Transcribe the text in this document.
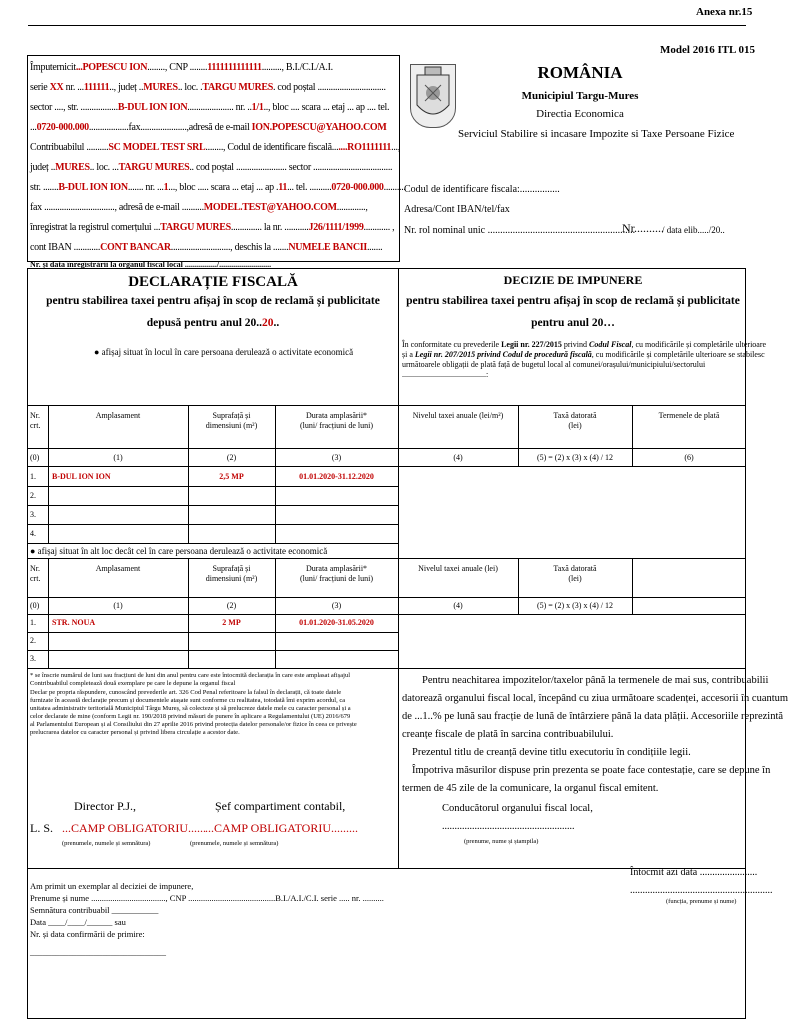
Anexa nr.15
Model 2016 ITL 015
Împuternicit...POPESCU ION........, CNP ........1111111111111........., B.I./C.I./A.I.
serie XX nr. ...111111.., județ ..MURES.. loc. .TARGU MURES. cod poștal ...............................
sector ...., str. .................B-DUL ION ION..................... nr. ..1/1.., bloc .... scara ... etaj ... ap .... tel.
...0720-000.000..................fax.....................,adresă de e-mail ION.POPESCU@YAHOO.COM
Contribuabilul ..........SC MODEL TEST SRL........, Codul de identificare fiscală.......RO1111111...,
județ ..MURES.. loc. ...TARGU MURES.. cod poștal ....................... sector ....................................
str. .......B-DUL ION ION....... nr. ...1..., bloc ..... scara ... etaj ... ap .11... tel. ..........0720-000.000..........
fax ................................, adresă de e-mail ..........MODEL.TEST@YAHOO.COM.............,
înregistrat la registrul comerțului ...TARGU MURES.............. la nr. ...........J26/1111/1999............ ,
cont IBAN ............CONT BANCAR..........................., deschis la .......NUMELE BANCII.......
ROMÂNIA
Municipiul Targu-Mures
Directia Economica
Serviciul Stabilire si incasare Impozite si Taxe Persoane Fizice
Codul de identificare fiscala:................
Adresa/Cont IBAN/tel/fax
Nr. rol nominal unic ...........................................................
Nr..........
/ data elib...../20..
Nr. și data înregistrării la organul fiscal local ................/..........................
DECLARAȚIE FISCALĂ
pentru stabilirea taxei pentru afișaj în scop de reclamă și publicitate
depusă pentru anul 20..20..
● afișaj situat în locul în care persoana derulează o activitate economică
DECIZIE DE IMPUNERE
pentru stabilirea taxei pentru afișaj în scop de reclamă și publicitate
pentru anul 20…
În conformitate cu prevederile Legii nr. 227/2015 privind Codul Fiscal, cu modificările și completările ulterioare
și a Legii nr. 207/2015 privind Codul de procedură fiscală, cu modificările și completările ulterioare se stabilesc
următoarele obligații de plată față de bugetul local al comunei/orașului/municipiului/sectorului
..........................................:
Nr.
crt.
Amplasament	Suprafață și
dimensiuni (m²)
Durata amplasării*
(luni/ fracțiuni de luni)
Nivelul taxei anuale (lei/m²)	Taxă datorată
(lei)
Termenele de plată
(0)	(1)	(2)	(3)	(4)	(5) = (2) x (3) x (4) / 12	(6)
1. B-DUL ION ION	2,5 MP	01.01.2020-31.12.2020
2.
3.
4.
● afișaj situat în alt loc decât cel în care persoana derulează o activitate economică
Nr.
crt.
Amplasament	Suprafață și
dimensiuni (m²)
Durata amplasării*
(luni/ fracțiuni de luni)
Nivelul taxei anuale (lei)	Taxă datorată
(lei)
(0)	(1)	(2)	(3)	(4)	(5) = (2) x (3) x (4) / 12
1. STR. NOUA	2 MP	01.01.2020-31.05.2020
2.
3.
* se înscrie numărul de luni sau fracțiuni de luni din anul pentru care este întocmită declarația în care este amplasat afișajul
Contribuabilul completează două exemplare pe care le depune la organul fiscal
Declar pe propria răspundere, cunoscând prevederile art. 326 Cod Penal referitoare la falsul în declarații, că toate datele
furnizate în această declarație precum și documentele atașate sunt conforme cu realitatea, totodată îmi exprim acordul, ca
unitatea administrativ teritorială Municipiul Târgu Mureș, să colecteze și să prelucreze datele mele cu caracter personal și a
celor declarate de mine (conform Legii nr. 190/2018 privind măsuri de punere în aplicare a Regulamentului (UE) 2016/679
al Parlamentului European și al Consiliului din 27 aprilie 2016 privind protecția datelor personale/or fizice în ceea ce privește
prelucrarea datelor cu caracter personal și privind libera circulație a acestor date.
Director P.J.,	Șef compartiment contabil,
L. S. ...CAMP OBLIGATORIU......
...CAMP OBLIGATORIU.........
(prenumele, numele și semnătura)	(prenumele, numele și semnătura)
Pentru neachitarea impozitelor/taxelor până la termenele de mai sus, contribuabilii
datorează organului fiscal local, începând cu ziua următoare scadenței, accesorii în cuantum
de ...1..% pe lună sau fracție de lună de întârziere până la data plății. Accesoriile reprezintă
creanțe fiscale de plată în sarcina contribuabilului.
Prezentul titlu de creanță devine titlu executoriu în condițiile legii.
Împotriva măsurilor dispuse prin prezenta se poate face contestație, care se depune în
termen de 45 zile de la comunicare, la organul fiscal emitent.
Conducătorul organului fiscal local,
.....................................................
(prenume, nume și ștampila)
Întocmit azi data .......................
.........................................................
(funcția, prenume și nume)
Am primit un exemplar al deciziei de impunere,
Prenume și nume ..................................., CNP .........................................B.I./A.I./C.I. serie ..... nr. ..........
Semnătura contribuabil ___________
Data ____/____/______ sau
Nr. și data confirmării de primire:
________________________________
